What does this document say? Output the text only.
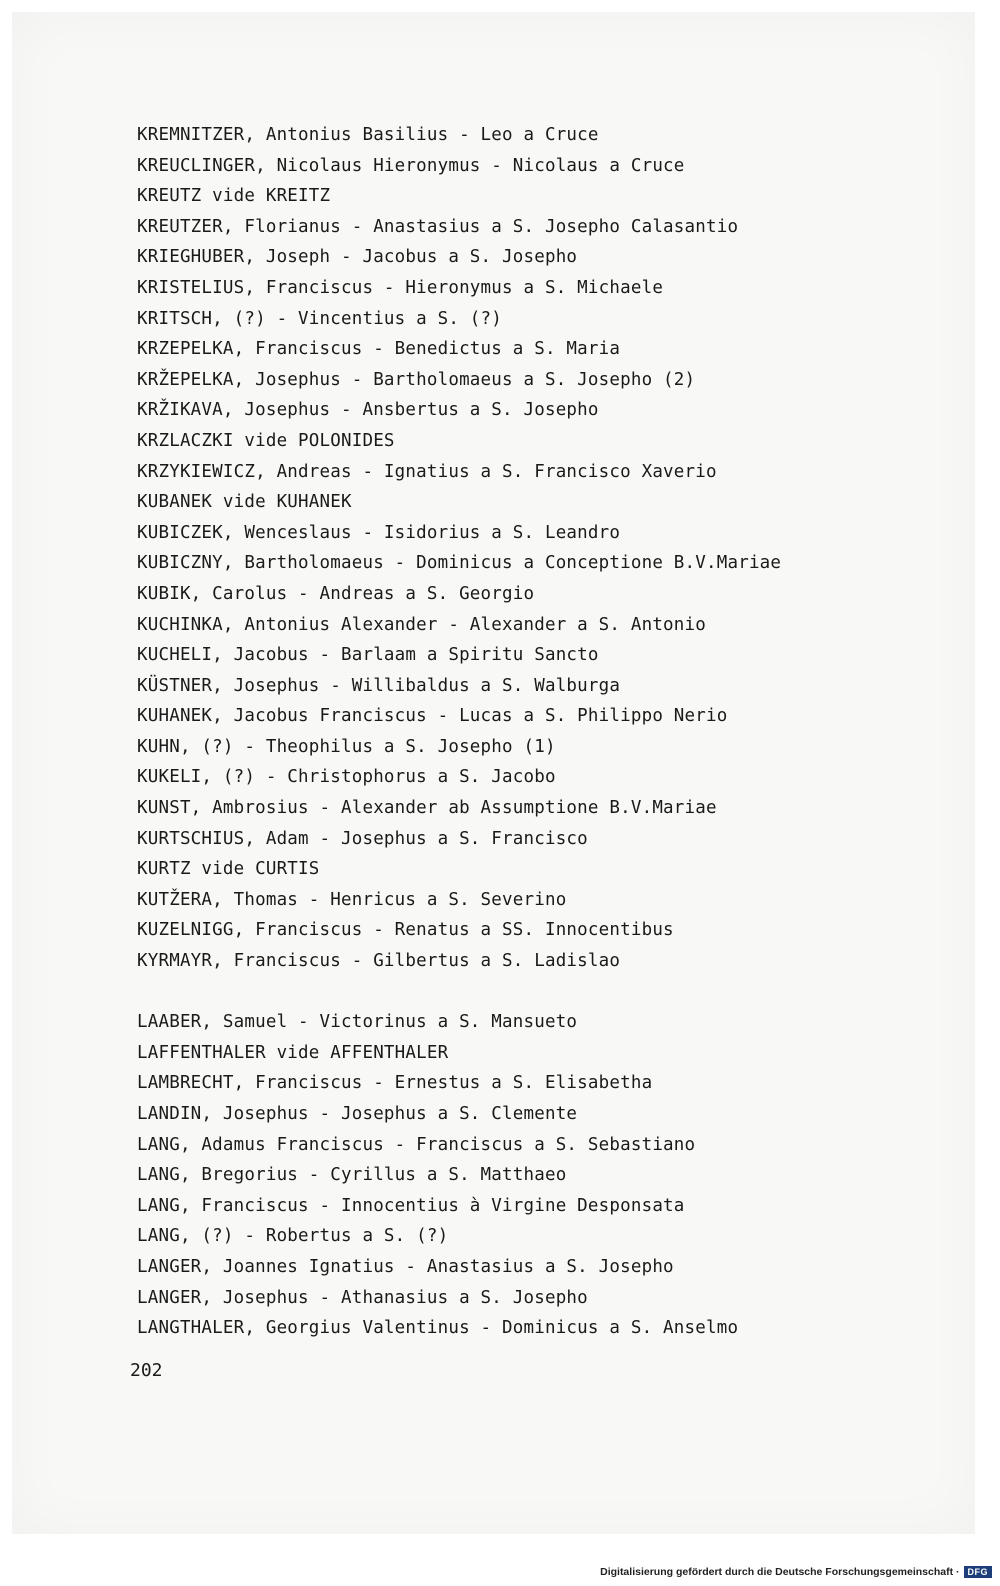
KREMNITZER, Antonius Basilius - Leo a Cruce
KREUCLINGER, Nicolaus Hieronymus - Nicolaus a Cruce
KREUTZ vide KREITZ
KREUTZER, Florianus - Anastasius a S. Josepho Calasantio
KRIEGHUBER, Joseph - Jacobus a S. Josepho
KRISTELIUS, Franciscus - Hieronymus a S. Michaele
KRITSCH, (?) - Vincentius a S. (?)
KRZEPELKA, Franciscus - Benedictus a S. Maria
KRŽEPELKA, Josephus - Bartholomaeus a S. Josepho (2)
KRŽIKAVA, Josephus - Ansbertus a S. Josepho
KRZLACZKI vide POLONIDES
KRZYKIEWICZ, Andreas - Ignatius a S. Francisco Xaverio
KUBANEK vide KUHANEK
KUBICZEK, Wenceslaus - Isidorius a S. Leandro
KUBICZNY, Bartholomaeus - Dominicus a Conceptione B.V.Mariae
KUBIK, Carolus - Andreas a S. Georgio
KUCHINKA, Antonius Alexander - Alexander a S. Antonio
KUCHELI, Jacobus - Barlaam a Spiritu Sancto
KÜSTNER, Josephus - Willibaldus a S. Walburga
KUHANEK, Jacobus Franciscus - Lucas a S. Philippo Nerio
KUHN, (?) - Theophilus a S. Josepho (1)
KUKELI, (?) - Christophorus a S. Jacobo
KUNST, Ambrosius - Alexander ab Assumptione B.V.Mariae
KURTSCHIUS, Adam - Josephus a S. Francisco
KURTZ vide CURTIS
KUTŽERA, Thomas - Henricus a S. Severino
KUZELNIGG, Franciscus - Renatus a SS. Innocentibus
KYRMAYR, Franciscus - Gilbertus a S. Ladislao
LAABER, Samuel - Victorinus a S. Mansueto
LAFFENTHALER vide AFFENTHALER
LAMBRECHT, Franciscus - Ernestus a S. Elisabetha
LANDIN, Josephus - Josephus a S. Clemente
LANG, Adamus Franciscus - Franciscus a S. Sebastiano
LANG, Bregorius - Cyrillus a S. Matthaeo
LANG, Franciscus - Innocentius à Virgine Desponsata
LANG, (?) - Robertus a S. (?)
LANGER, Joannes Ignatius - Anastasius a S. Josepho
LANGER, Josephus - Athanasius a S. Josepho
LANGTHALER, Georgius Valentinus - Dominicus a S. Anselmo
202
Digitalisierung gefördert durch die Deutsche Forschungsgemeinschaft · DFG
